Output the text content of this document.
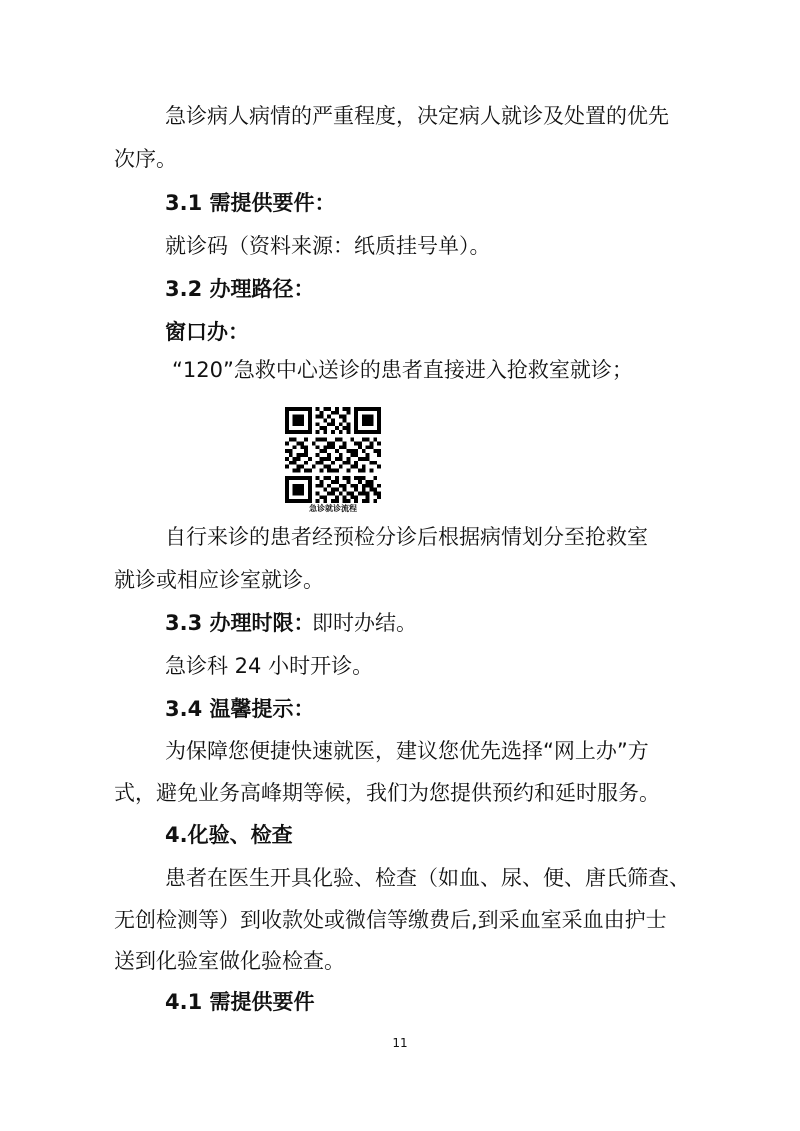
急诊病人病情的严重程度，决定病人就诊及处置的优先
次序。
3.1 需提供要件：
就诊码（资料来源：纸质挂号单）。
3.2 办理路径：
窗口办：
“120”急救中心送诊的患者直接进入抢救室就诊；
急诊就诊流程
自行来诊的患者经预检分诊后根据病情划分至抢救室
就诊或相应诊室就诊。
3.3 办理时限：
即时办结。
急诊科 24 小时开诊。
3.4 温馨提示：
为保障您便捷快速就医，建议您优先选择“网上办”方
式，避免业务高峰期等候，我们为您提供预约和延时服务。
4.化验、检查
患者在医生开具化验、检查（如血、尿、便、唐氏筛查、
无创检测等）到收款处或微信等缴费后,到采血室采血由护士
送到化验室做化验检查。
4.1 需提供要件
11
